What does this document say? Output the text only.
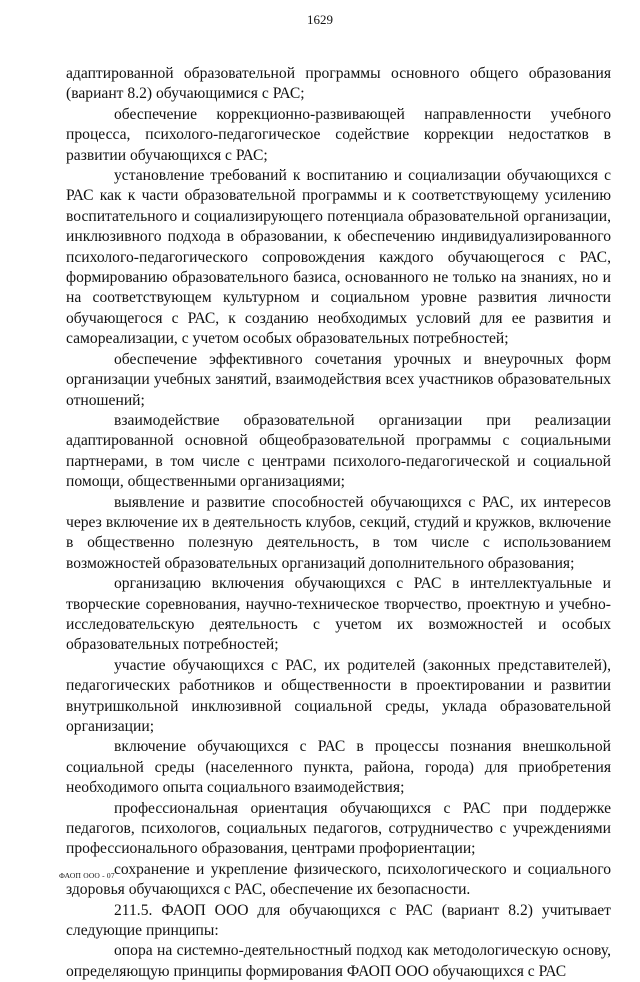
1629

адаптированной образовательной программы основного общего образования (вариант 8.2) обучающимися с РАС;

обеспечение коррекционно-развивающей направленности учебного процесса, психолого-педагогическое содействие коррекции недостатков в развитии обучающихся с РАС;

установление требований к воспитанию и социализации обучающихся с РАС как к части образовательной программы и к соответствующему усилению воспитательного и социализирующего потенциала образовательной организации, инклюзивного подхода в образовании, к обеспечению индивидуализированного психолого-педагогического сопровождения каждого обучающегося с РАС, формированию образовательного базиса, основанного не только на знаниях, но и на соответствующем культурном и социальном уровне развития личности обучающегося с РАС, к созданию необходимых условий для ее развития и самореализации, с учетом особых образовательных потребностей;

обеспечение эффективного сочетания урочных и внеурочных форм организации учебных занятий, взаимодействия всех участников образовательных отношений;

взаимодействие образовательной организации при реализации адаптированной основной общеобразовательной программы с социальными партнерами, в том числе с центрами психолого-педагогической и социальной помощи, общественными организациями;

выявление и развитие способностей обучающихся с РАС, их интересов через включение их в деятельность клубов, секций, студий и кружков, включение в общественно полезную деятельность, в том числе с использованием возможностей образовательных организаций дополнительного образования;

организацию включения обучающихся с РАС в интеллектуальные и творческие соревнования, научно-техническое творчество, проектную и учебно-исследовательскую деятельность с учетом их возможностей и особых образовательных потребностей;

участие обучающихся с РАС, их родителей (законных представителей), педагогических работников и общественности в проектировании и развитии внутришкольной инклюзивной социальной среды, уклада образовательной организации;

включение обучающихся с РАС в процессы познания внешкольной социальной среды (населенного пункта, района, города) для приобретения необходимого опыта социального взаимодействия;

профессиональная ориентация обучающихся с РАС при поддержке педагогов, психологов, социальных педагогов, сотрудничество с учреждениями профессионального образования, центрами профориентации;

сохранение и укрепление физического, психологического и социального здоровья обучающихся с РАС, обеспечение их безопасности.

211.5. ФАОП ООО для обучающихся с РАС (вариант 8.2) учитывает следующие принципы:

опора на системно-деятельностный подход как методологическую основу, определяющую принципы формирования ФАОП ООО обучающихся с РАС

ФАОП ООО - 07
